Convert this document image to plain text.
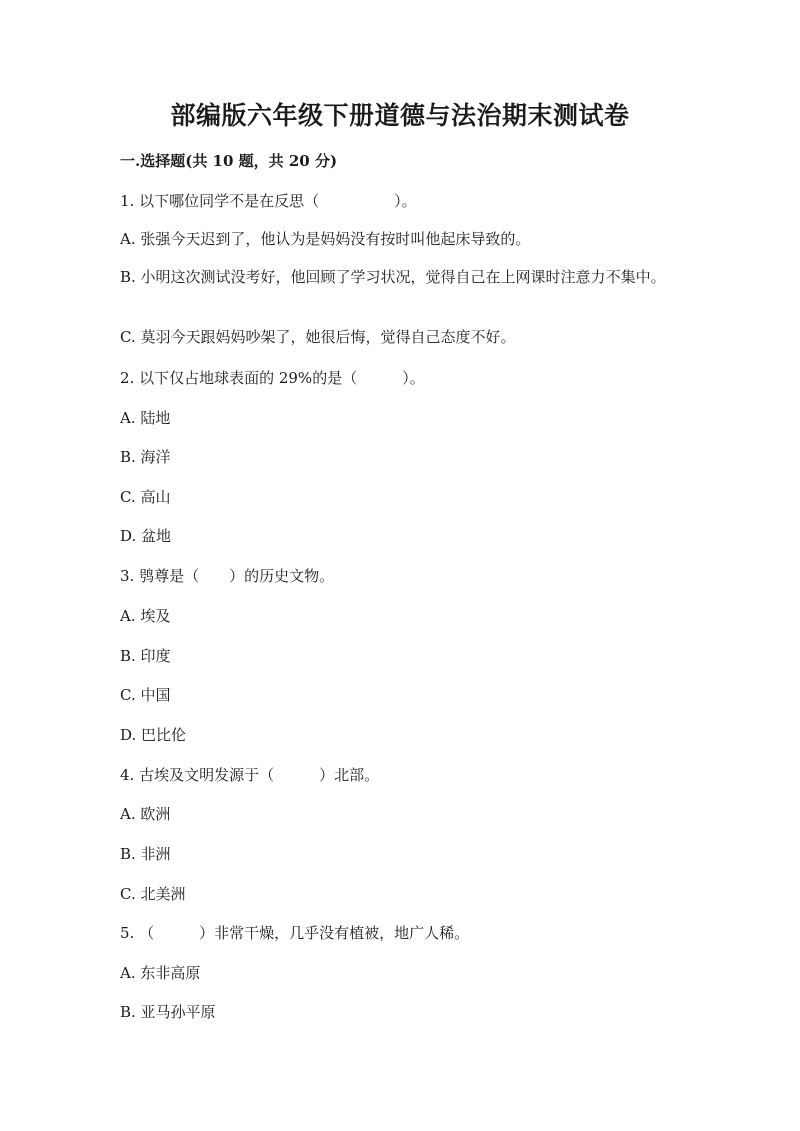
部编版六年级下册道德与法治期末测试卷

一.选择题(共 10 题，共 20 分)

1. 以下哪位同学不是在反思（　　　　　）。

A. 张强今天迟到了，他认为是妈妈没有按时叫他起床导致的。

B. 小明这次测试没考好，他回顾了学习状况，觉得自己在上网课时注意力不集中。

C. 莫羽今天跟妈妈吵架了，她很后悔，觉得自己态度不好。

2. 以下仅占地球表面的 29%的是（　　　）。

A. 陆地

B. 海洋

C. 高山

D. 盆地

3. 鸮尊是（　　）的历史文物。

A. 埃及

B. 印度

C. 中国

D. 巴比伦

4. 古埃及文明发源于（　　　）北部。

A. 欧洲

B. 非洲

C. 北美洲

5. （　　　）非常干燥，几乎没有植被，地广人稀。

A. 东非高原

B. 亚马孙平原
